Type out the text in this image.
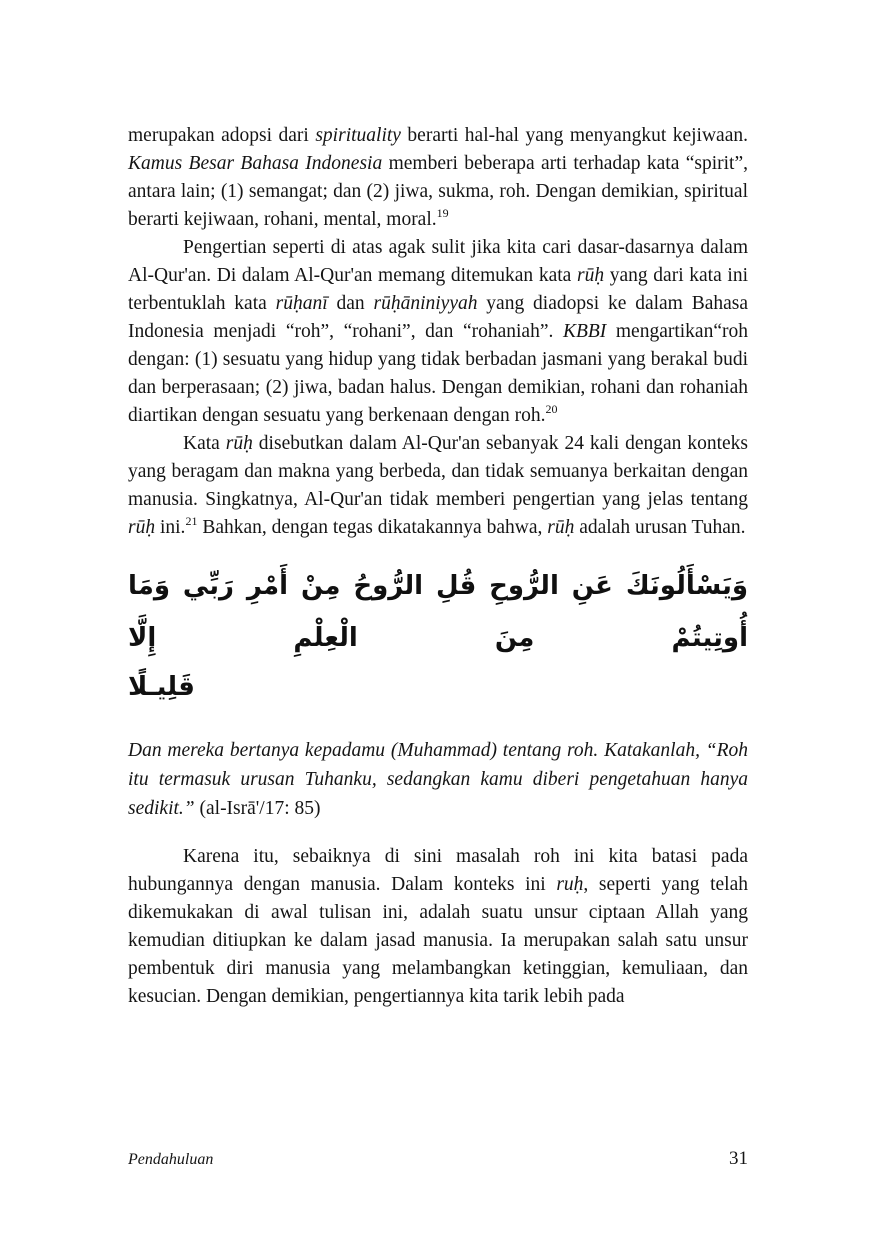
merupakan adopsi dari spirituality berarti hal-hal yang menyangkut kejiwaan. Kamus Besar Bahasa Indonesia memberi beberapa arti terhadap kata “spirit”, antara lain; (1) semangat; dan (2) jiwa, sukma, roh. Dengan demikian, spiritual berarti kejiwaan, rohani, mental, moral.$^{19}$

Pengertian seperti di atas agak sulit jika kita cari dasar-dasarnya dalam Al-Qur'an. Di dalam Al-Qur'an memang ditemukan kata rūḥ yang dari kata ini terbentuklah kata rūḥanī dan rūḥāniniyyah yang diadopsi ke dalam Bahasa Indonesia menjadi “roh”, “rohani”, dan “rohaniah”. KBBI mengartikan“roh dengan: (1) sesuatu yang hidup yang tidak berbadan jasmani yang berakal budi dan berperasaan; (2) jiwa, badan halus. Dengan demikian, rohani dan rohaniah diartikan dengan sesuatu yang berkenaan dengan roh.$^{20}$

Kata rūḥ disebutkan dalam Al-Qur'an sebanyak 24 kali dengan konteks yang beragam dan makna yang berbeda, dan tidak semuanya berkaitan dengan manusia. Singkatnya, Al-Qur'an tidak memberi pengertian yang jelas tentang rūḥ ini.$^{21}$ Bahkan, dengan tegas dikatakannya bahwa, rūḥ adalah urusan Tuhan.

وَيَسْأَلُونَكَ عَنِ الرُّوحِ قُلِ الرُّوحُ مِنْ أَمْرِ رَبِّي وَمَا أُوتِيتُمْ مِنَ الْعِلْمِ إِلَّا
قَلِيـلًا

Dan mereka bertanya kepadamu (Muhammad) tentang roh. Katakanlah, “Roh itu termasuk urusan Tuhanku, sedangkan kamu diberi pengetahuan hanya sedikit.” (al-Isrā'/17: 85)

Karena itu, sebaiknya di sini masalah roh ini kita batasi pada hubungannya dengan manusia. Dalam konteks ini ruḥ, seperti yang telah dikemukakan di awal tulisan ini, adalah suatu unsur ciptaan Allah yang kemudian ditiupkan ke dalam jasad manusia. Ia merupakan salah satu unsur pembentuk diri manusia yang melambangkan ketinggian, kemuliaan, dan kesucian. Dengan demikian, pengertiannya kita tarik lebih pada

Pendahuluan	31
